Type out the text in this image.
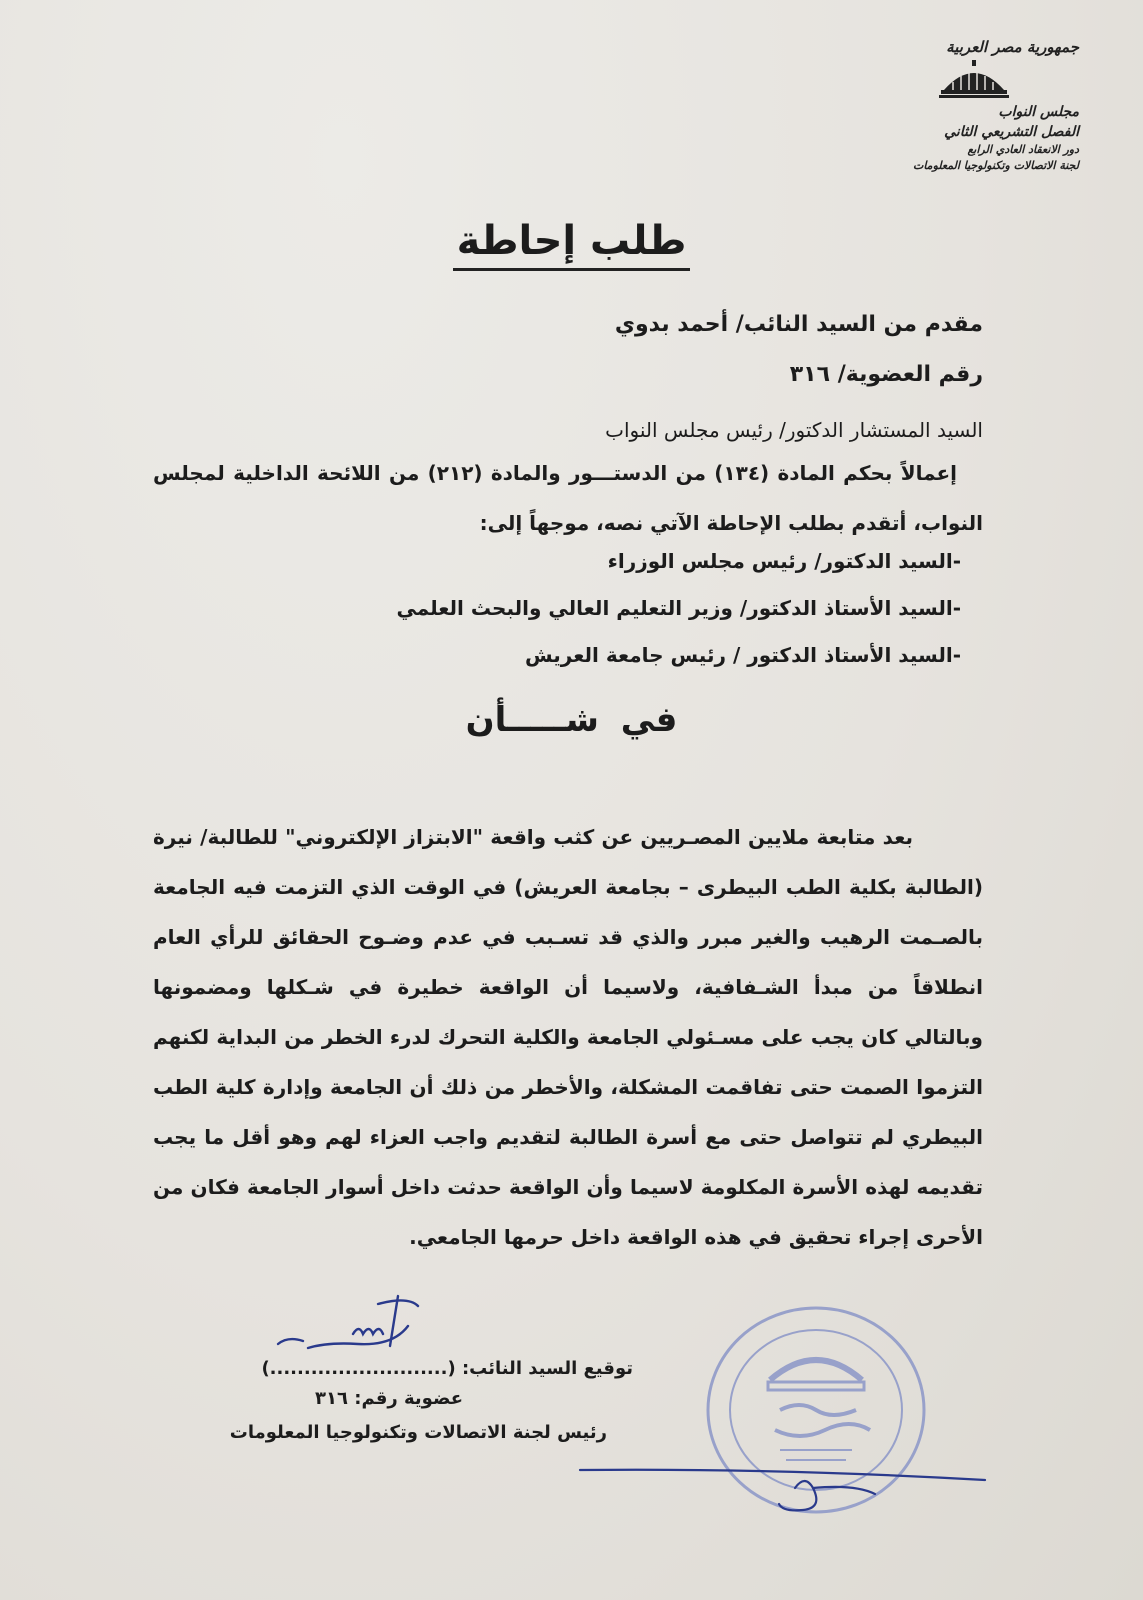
جمهورية مصر العربية
مجلس النواب
الفصل التشريعي الثاني
دور الانعقاد العادي الرابع
لجنة الاتصالات وتكنولوجيا المعلومات
طلب إحاطة

مقدم من السيد النائب/ أحمد بدوي

رقم العضوية/ ٣١٦

السيد المستشار الدكتور/ رئيس مجلس النواب

إعمالاً بحكم المادة (١٣٤) من الدستـــور والمادة (٢١٢) من اللائحة الداخلية لمجلس النواب، أتقدم بطلب الإحاطة الآتي نصه، موجهاً إلى:

-السيد الدكتور/ رئيس مجلس الوزراء
-السيد الأستاذ الدكتور/ وزير التعليم العالي والبحث العلمي
-السيد الأستاذ الدكتور / رئيس جامعة العريش
في شـــــأن

بعد متابعة ملايين المصـريين عن كثب واقعة "الابتزاز الإلكتروني" للطالبة/ نيرة (الطالبة بكلية الطب البيطرى – بجامعة العريش) في الوقت الذي التزمت فيه الجامعة بالصـمت الرهيب والغير مبرر والذي قد تسـبب في عدم وضـوح الحقائق للرأي العام انطلاقاً من مبدأ الشـفافية، ولاسيما أن الواقعة خطيرة في شـكلها ومضمونها وبالتالي كان يجب على مسـئولي الجامعة والكلية التحرك لدرء الخطر من البداية لكنهم التزموا الصمت حتى تفاقمت المشكلة، والأخطر من ذلك أن الجامعة وإدارة كلية الطب البيطري لم تتواصل حتى مع أسرة الطالبة لتقديم واجب العزاء لهم وهو أقل ما يجب تقديمه لهذه الأسرة المكلومة لاسيما وأن الواقعة حدثت داخل أسوار الجامعة فكان من الأحرى إجراء تحقيق في هذه الواقعة داخل حرمها الجامعي.

توقيع السيد النائب: (..........................)

عضوية رقم: ٣١٦

رئيس لجنة الاتصالات وتكنولوجيا المعلومات
